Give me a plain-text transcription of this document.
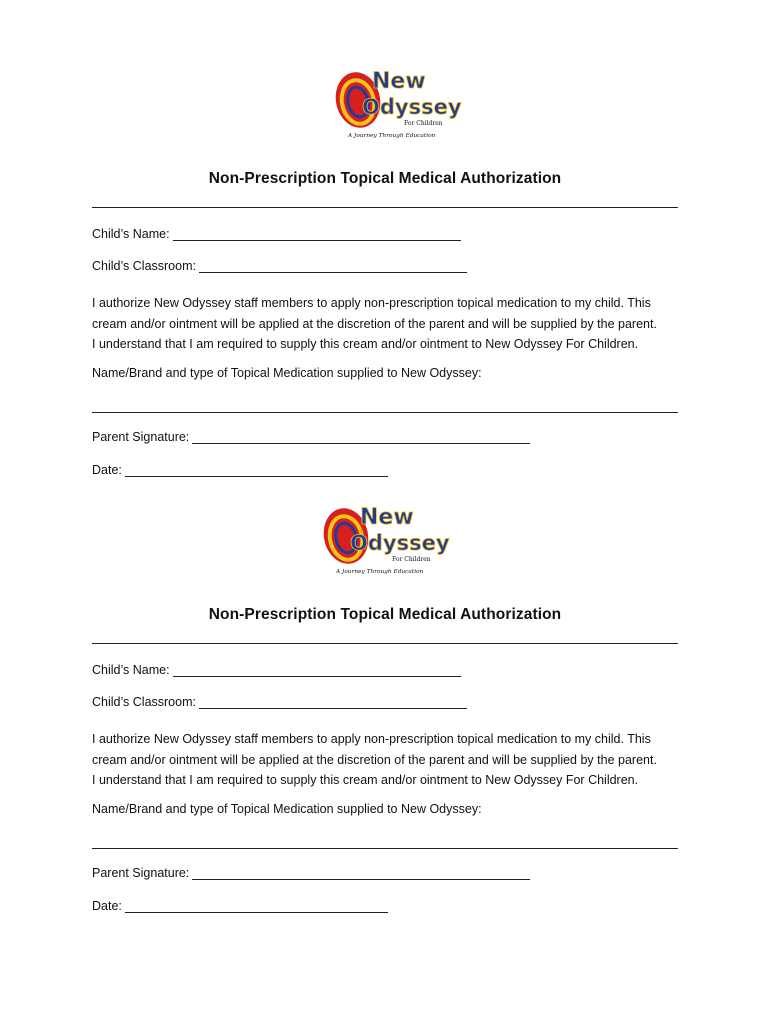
New
Odyssey
For Children
A Journey Through Education
Non-Prescription Topical Medical Authorization
Child’s Name:
Child’s Classroom:
I authorize New Odyssey staff members to apply non-prescription topical medication to my child. This
cream and/or ointment will be applied at the discretion of the parent and will be supplied by the parent.
I understand that I am required to supply this cream and/or ointment to New Odyssey For Children.
Name/Brand and type of Topical Medication supplied to New Odyssey:
Parent Signature:
Date:
New
Odyssey
For Children
A Journey Through Education
Non-Prescription Topical Medical Authorization
Child’s Name:
Child’s Classroom:
I authorize New Odyssey staff members to apply non-prescription topical medication to my child. This
cream and/or ointment will be applied at the discretion of the parent and will be supplied by the parent.
I understand that I am required to supply this cream and/or ointment to New Odyssey For Children.
Name/Brand and type of Topical Medication supplied to New Odyssey:
Parent Signature:
Date:
